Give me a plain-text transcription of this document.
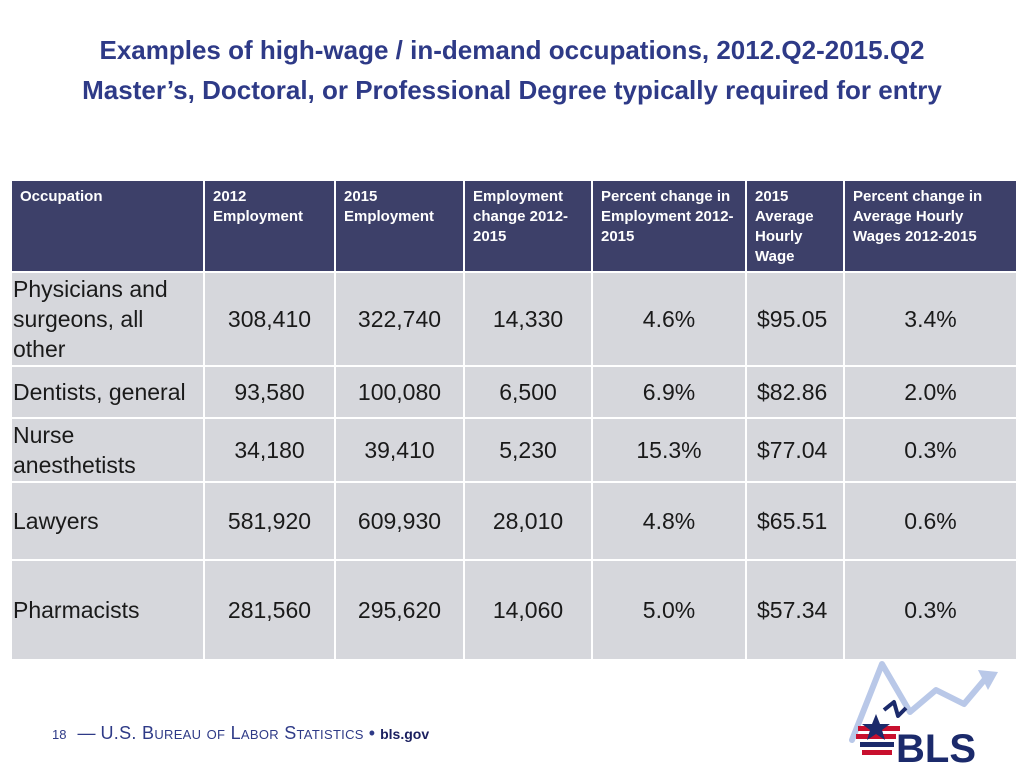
Examples of high-wage / in-demand occupations, 2012.Q2-2015.Q2
Master’s, Doctoral, or Professional Degree typically required for entry
Occupation	2012 Employment	2015 Employment	Employment change 2012-2015	Percent change in Employment 2012-2015	2015 Average Hourly Wage	Percent change in Average Hourly Wages 2012-2015
Physicians and surgeons, all other	308,410	322,740	14,330	4.6%	$95.05	3.4%
Dentists, general	93,580	100,080	6,500	6.9%	$82.86	2.0%
Nurse anesthetists	34,180	39,410	5,230	15.3%	$77.04	0.3%
Lawyers	581,920	609,930	28,010	4.8%	$65.51	0.6%
Pharmacists	281,560	295,620	14,060	5.0%	$57.34	0.3%
18 — U.S. Bureau of Labor Statistics • bls.gov	BLS
